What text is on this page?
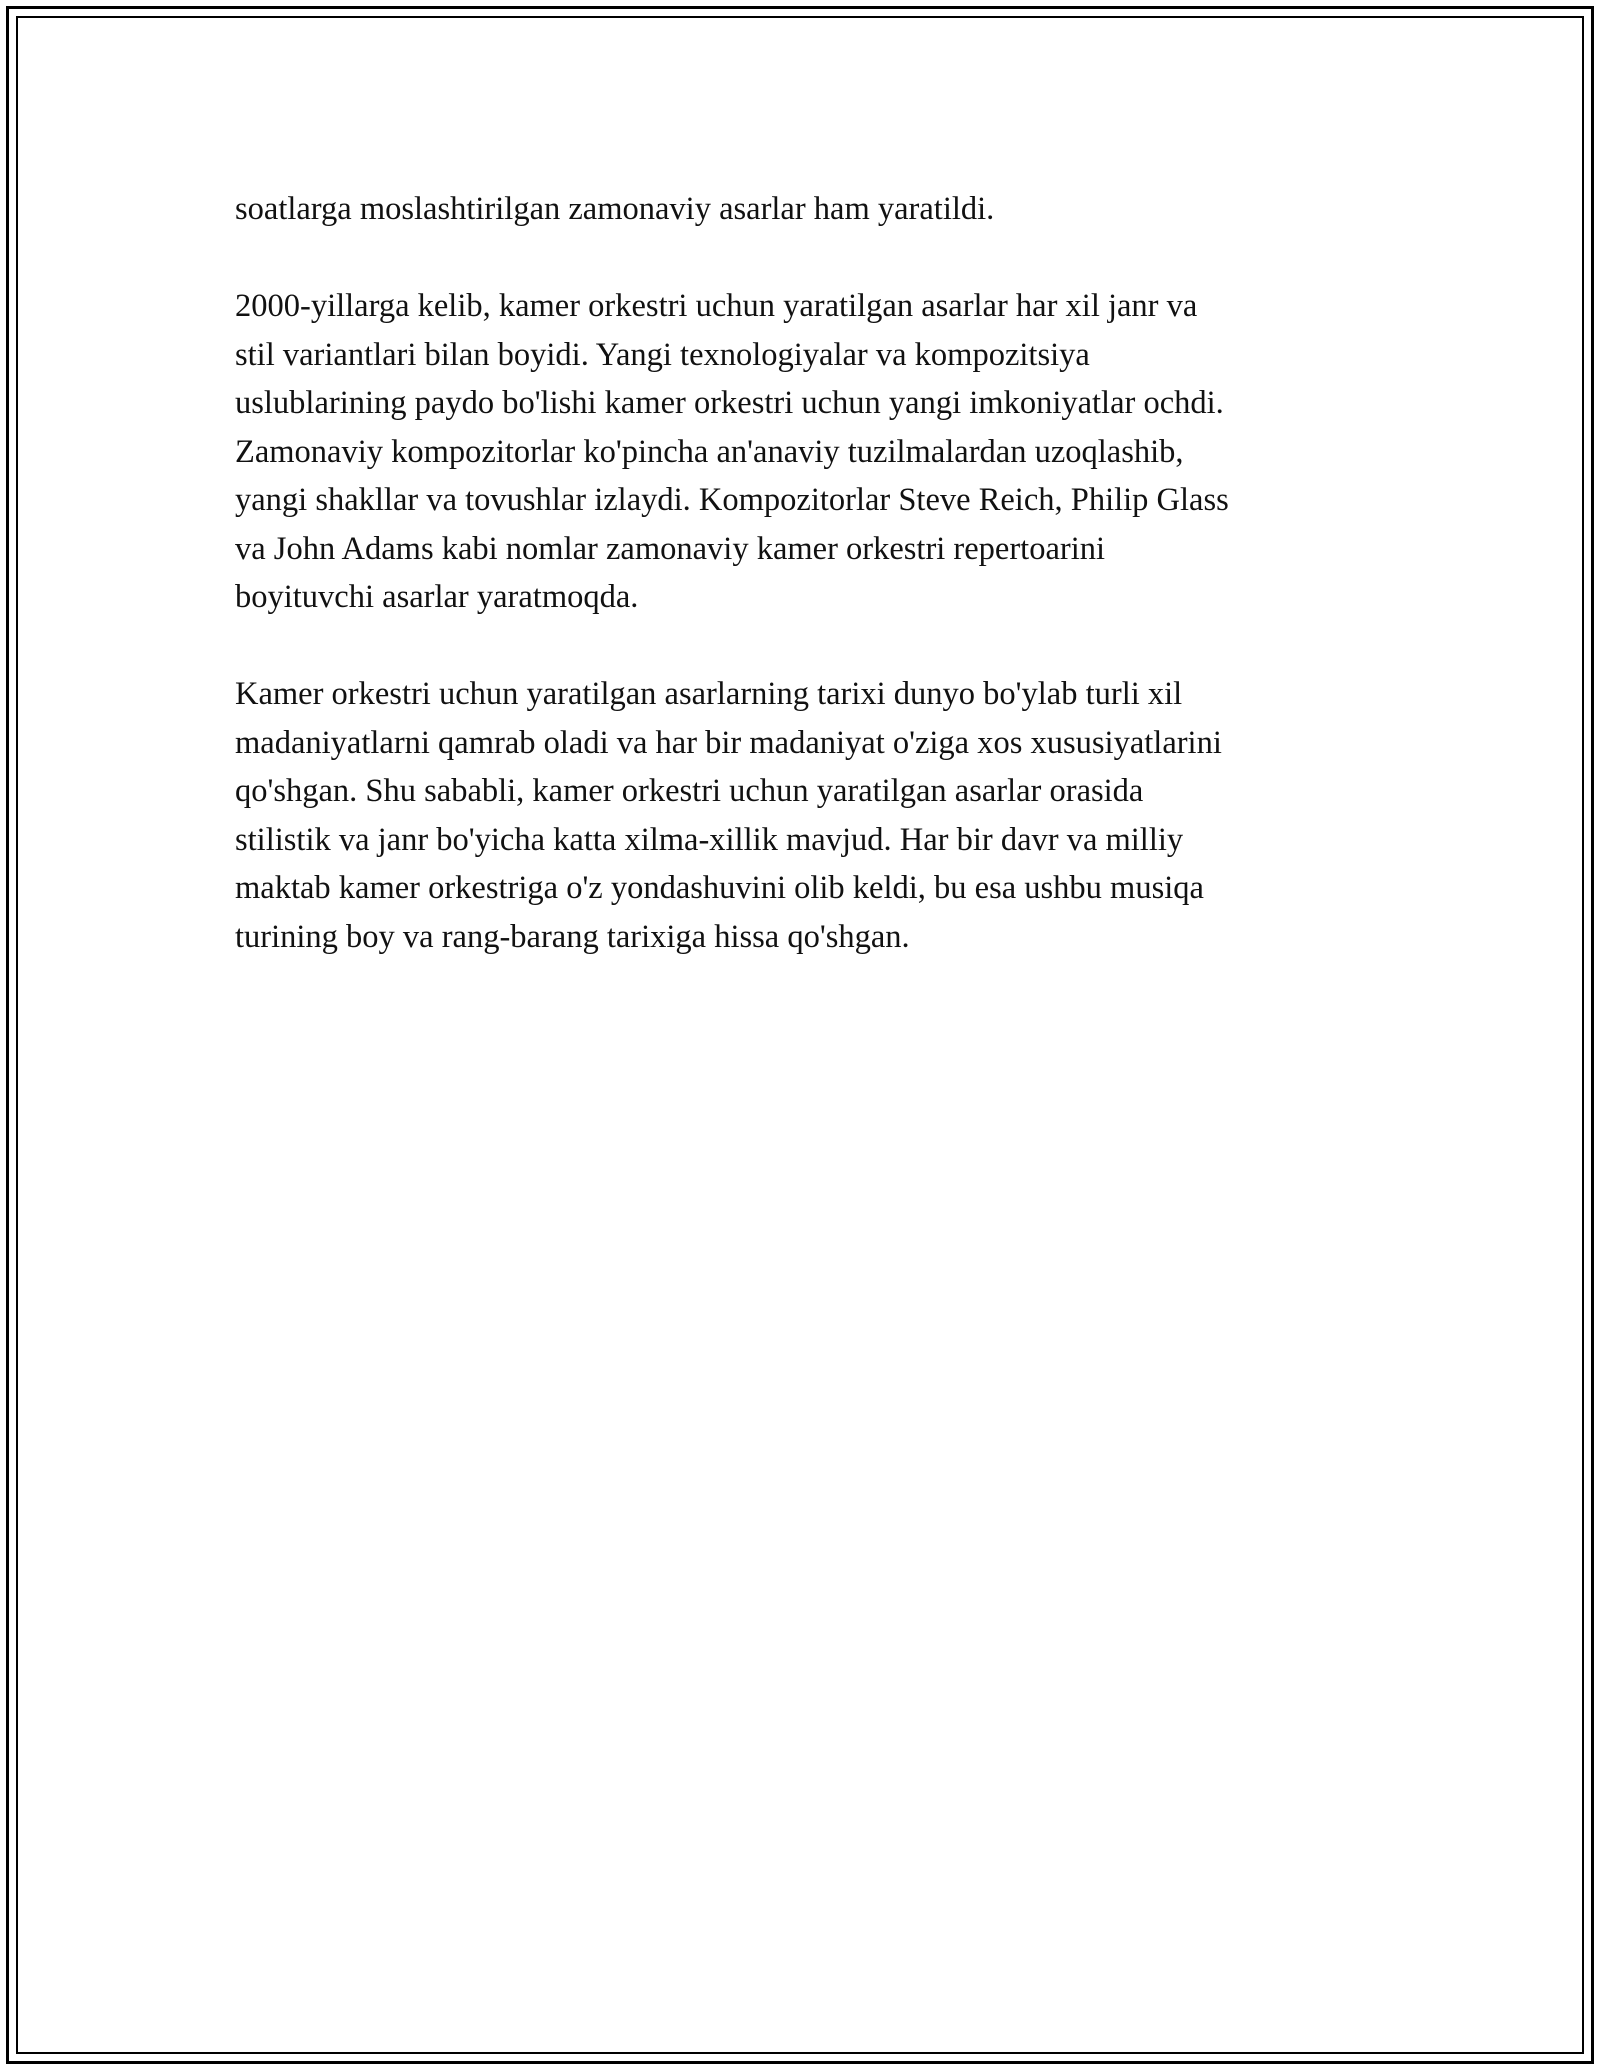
soatlarga moslashtirilgan zamonaviy asarlar ham yaratildi.

2000-yillarga kelib, kamer orkestri uchun yaratilgan asarlar har xil janr va
stil variantlari bilan boyidi. Yangi texnologiyalar va kompozitsiya
uslublarining paydo bo'lishi kamer orkestri uchun yangi imkoniyatlar ochdi.
Zamonaviy kompozitorlar ko'pincha an'anaviy tuzilmalardan uzoqlashib,
yangi shakllar va tovushlar izlaydi. Kompozitorlar Steve Reich, Philip Glass
va John Adams kabi nomlar zamonaviy kamer orkestri repertoarini
boyituvchi asarlar yaratmoqda.

Kamer orkestri uchun yaratilgan asarlarning tarixi dunyo bo'ylab turli xil
madaniyatlarni qamrab oladi va har bir madaniyat o'ziga xos xususiyatlarini
qo'shgan. Shu sababli, kamer orkestri uchun yaratilgan asarlar orasida
stilistik va janr bo'yicha katta xilma-xillik mavjud. Har bir davr va milliy
maktab kamer orkestriga o'z yondashuvini olib keldi, bu esa ushbu musiqa
turining boy va rang-barang tarixiga hissa qo'shgan.
